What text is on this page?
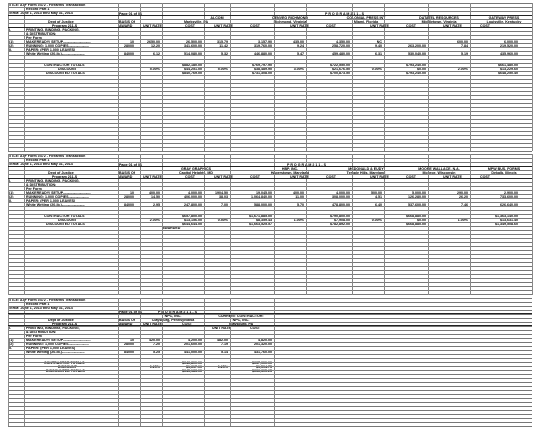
TITLE: ATF Form #472 - Firearms Transaction
Record Part 1
TERM: June 1, 2013 thru May 31, 2014	Page 01 of 01	P R O G R A M 2 1 1 - S
ALCOM	CENVEO RICHMOND	COLONIAL PRESS INT	DATATEL RESOURCES	GATEWAY PRESS
Dept of Justice	BASIS Of	Marksville, PA	Richmond, Virginia	Miami, Florida	Middletown, Virginia	Louisville, Kentucky
Program 211-S	AWARD	UNIT RATE	COST	UNIT RATE	COST	UNIT RATE	COST	UNIT RATE	COST	UNIT RATE	COST
I.	PRINTING, BINDING, PACKING,
& DISTRIBUTION:
Per Form
(1)	MAKEREADY/ SETUP-----------------------	10	2650.00	26,500.00	315.79	3,157.90	435.00	4,350.00	NC	600.00	6,000.00
(2)	RUNNING: 1,000 COPIES-----------------	28000	12.20	341,600.00	11.42	319,760.00	9.24	258,720.00	9.40	263,200.00	7.84	219,520.00
II.	PAPER: (PER 1,000 LEAVES)
White Writing (20-lb.)-------------------	84000	6.12	514,080.00	5.32	446,880.00	5.47	459,480.00	6.31	530,040.00	5.19	435,960.00
CONTRACTOR TOTALS	$882,180.00	$769,797.90	$722,550.00	$793,240.00	$661,480.00
DISCOUNT	5.00%	$44,251.00	5.00%	$38,489.90	3.00%	$21,676.50	0.00%	$0.00	2.00%	$13,229.60
DISCOUNTED TOTALS	$840,769.00	$731,308.00	$700,873.50	$793,240.00	$648,250.40
TITLE: ATF Form #472 - Firearms Transaction
Record Part 1
TERM: June 1, 2013 thru May 31, 2014	Page 01 of 01	P R O G R A M 2 1 1 - S
GRAY GRAPHICS	HBP, INC.	MCDONALD & EUDY	MOORE WALLACE, N.A.	MPW BUS. FORMS
Dept of Justice	BASIS Of	Capitol Heights, MD	Hagerstown, Maryland	Temple Hills, Maryland	Monroe, Wisconsin	Dekalb, Illinois
Program 211-S	AWARD	UNIT RATE	COST	UNIT RATE	COST	UNIT RATE	COST	UNIT RATE	COST	UNIT RATE	COST
I.	PRINTING, BINDING, PACKING,
& DISTRIBUTION:
Per Form
(1)	MAKEREADY/ SETUP-----------------------	10	400.00	4,000.00	1904.50	19,045.00	400.00	4,000.00	500.00	5,000.00	290.00	2,900.00
(2)	RUNNING: 1,000 COPIES-----------------	28000	14.50	406,000.00	38.03	1,064,840.00	11.00	308,000.00	4.51	126,280.00	26.20	733,600.00
II.	PAPER: (PER 1,000 LEAVES)
White Writing (20-lb.)-------------------	84000	2.95	247,800.00	7.00	588,000.00	5.70	478,800.00	6.40	537,600.00	7.46	626,640.00
CONTRACTOR TOTALS	$657,800.00	$1,671,885.00	$790,800.00	$668,880.00	$1,363,140.00
DISCOUNT	2.00%	$13,156.00	0.50%	$8,359.43	1.00%	$7,908.00	0.00%	$0.00	1.00%	$13,631.40
DISCOUNTED TOTALS	$644,644.00	$1,663,525.57	$782,892.00	$668,880.00	$1,349,508.60
AWARDED
TITLE: ATF Form #472 - Firearms Transaction
Record Part 1
TERM: June 1, 2013 thru May 31, 2014
Page 01 of 01	P R O G R A M 2 1 1 - S
NPC, INC.	CURRENT CONTRACTOR:
Dept of Justice	BASIS Of	Claysburg, Pennsylvania	NPC, INC.
Program 211-S	AWARD	UNIT RATE	COST	Claysburg, PA
UNIT RATE	COST
I.	PRINTING, BINDING, PACKING,
& DISTRIBUTION:
Per Form
(1)	MAKEREADY/ SETUP-----------------------	10	420.00	4,200.00	482.00	4,820.00
(2)	RUNNING: 1,000 COPIES-----------------	28000	7.20	201,600.00	7.19	201,320.00
II.	PAPER: (PER 1,000 LEAVES)
White Writing (20-lb.)-------------------	84000	5.25	441,000.00	5.14	431,760.00
CONTRACTOR TOTALS	$646,800.00	$637,900.00
DISCOUNT	0.25%	$1,617.00	0.25%	$1,594.75
DISCOUNTED TOTALS	$645,183.00	$636,305.25
